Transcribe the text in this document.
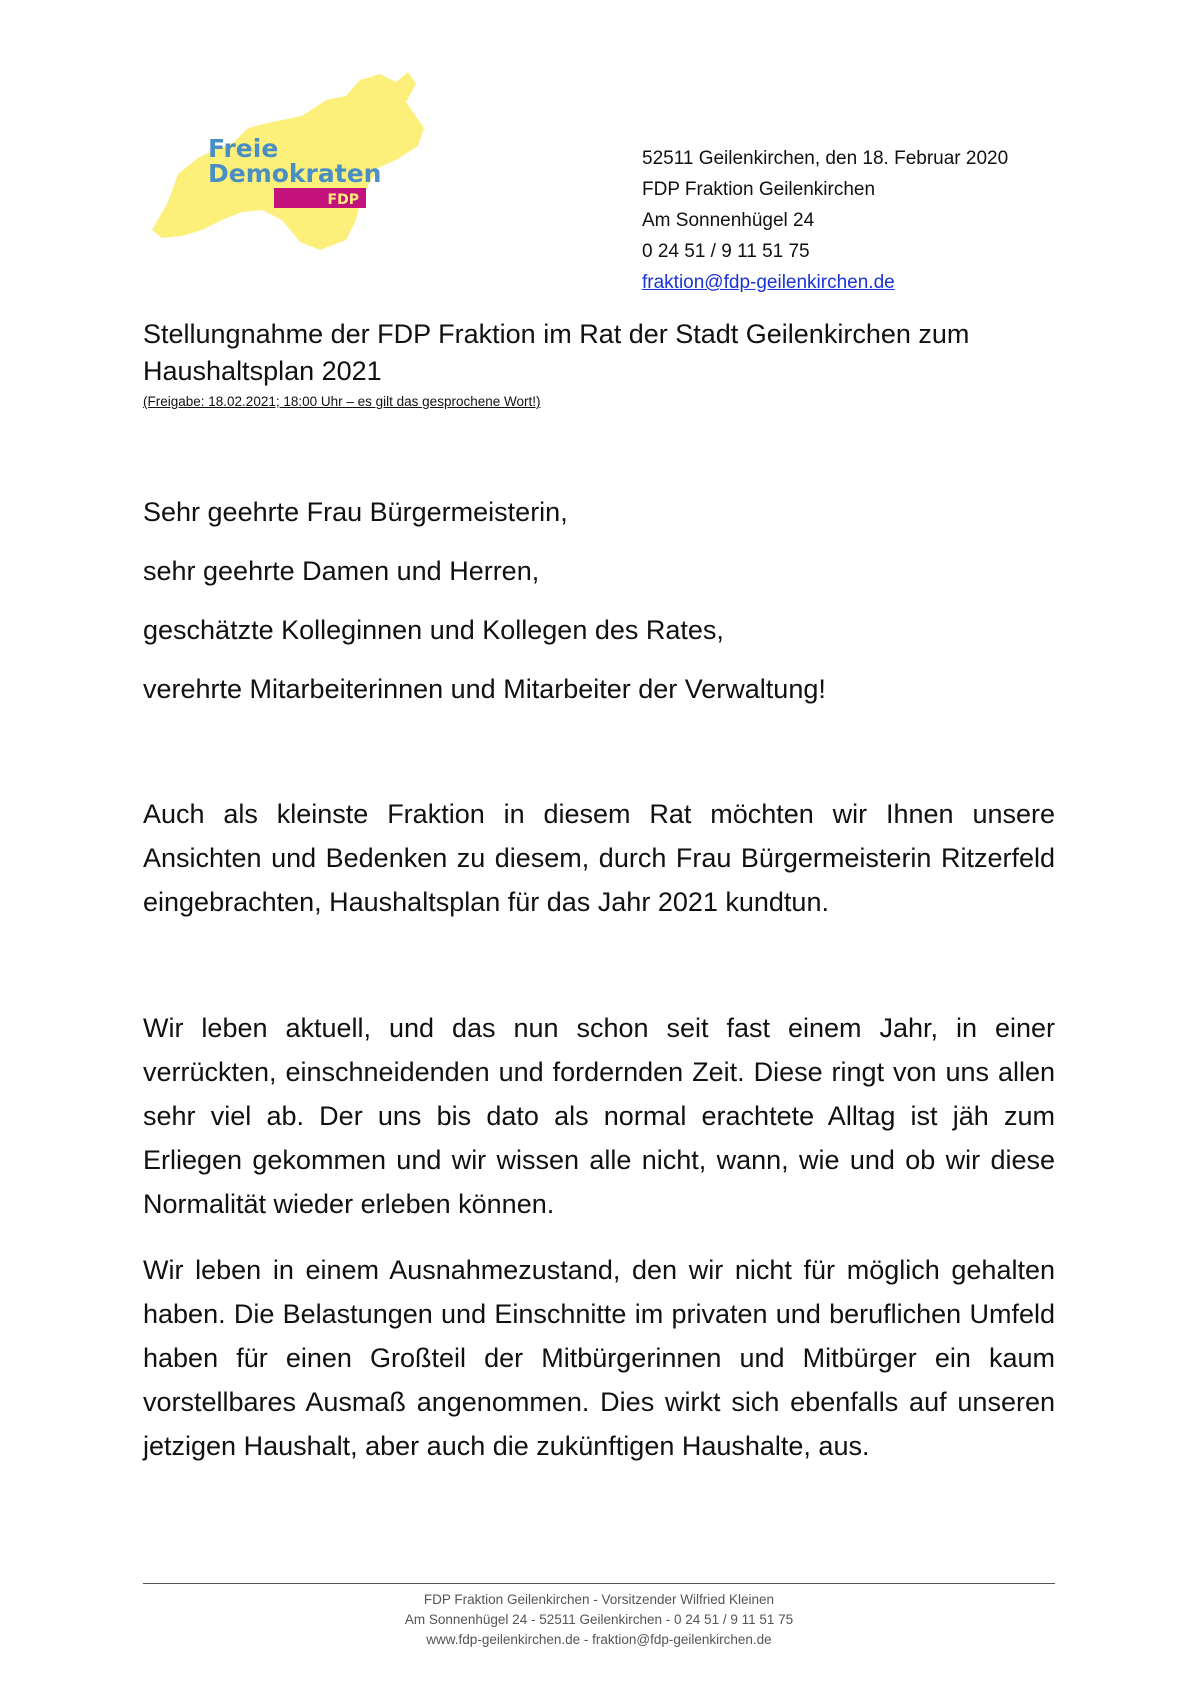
Freie
Demokraten
FDP
52511 Geilenkirchen, den 18. Februar 2020
FDP Fraktion Geilenkirchen
Am Sonnenhügel 24
0 24 51 / 9 11 51 75
fraktion@fdp-geilenkirchen.de
Stellungnahme der FDP Fraktion im Rat der Stadt Geilenkirchen zum Haushaltsplan 2021
(Freigabe: 18.02.2021; 18:00 Uhr – es gilt das gesprochene Wort!)
Sehr geehrte Frau Bürgermeisterin,
sehr geehrte Damen und Herren,
geschätzte Kolleginnen und Kollegen des Rates,
verehrte Mitarbeiterinnen und Mitarbeiter der Verwaltung!

Auch als kleinste Fraktion in diesem Rat möchten wir Ihnen unsere Ansichten und Bedenken zu diesem, durch Frau Bürgermeisterin Ritzerfeld eingebrachten, Haushaltsplan für das Jahr 2021 kundtun.

Wir leben aktuell, und das nun schon seit fast einem Jahr, in einer verrückten, einschneidenden und fordernden Zeit. Diese ringt von uns allen sehr viel ab. Der uns bis dato als normal erachtete Alltag ist jäh zum Erliegen gekommen und wir wissen alle nicht, wann, wie und ob wir diese Normalität wieder erleben können.

Wir leben in einem Ausnahmezustand, den wir nicht für möglich gehalten haben. Die Belastungen und Einschnitte im privaten und beruflichen Umfeld haben für einen Großteil der Mitbürgerinnen und Mitbürger ein kaum vorstellbares Ausmaß angenommen. Dies wirkt sich ebenfalls auf unseren jetzigen Haushalt, aber auch die zukünftigen Haushalte, aus.

FDP Fraktion Geilenkirchen - Vorsitzender Wilfried Kleinen
Am Sonnenhügel 24 - 52511 Geilenkirchen - 0 24 51 / 9 11 51 75
www.fdp-geilenkirchen.de - fraktion@fdp-geilenkirchen.de
